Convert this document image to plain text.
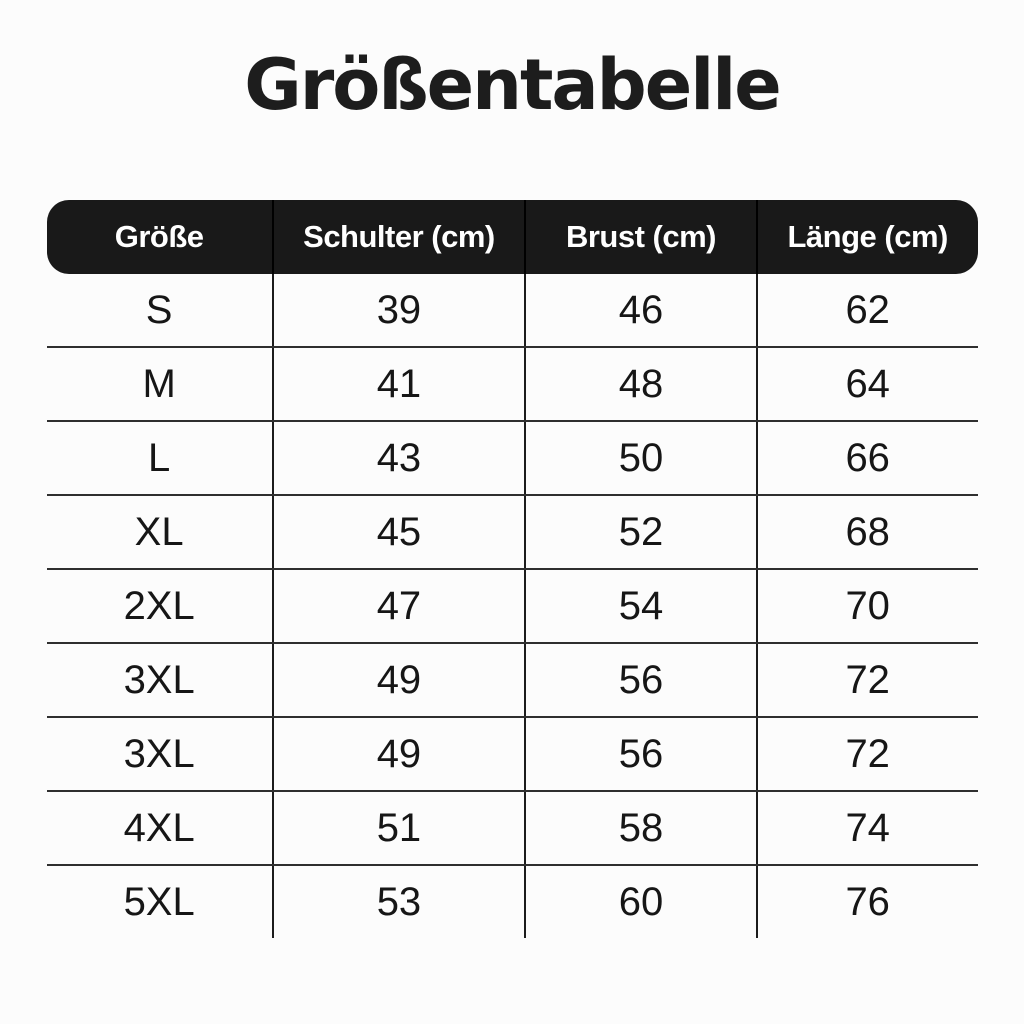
Größentabelle
Größe	Schulter (cm)	Brust (cm)	Länge (cm)
S	39	46	62
M	41	48	64
L	43	50	66
XL	45	52	68
2XL	47	54	70
3XL	49	56	72
3XL	49	56	72
4XL	51	58	74
5XL	53	60	76
